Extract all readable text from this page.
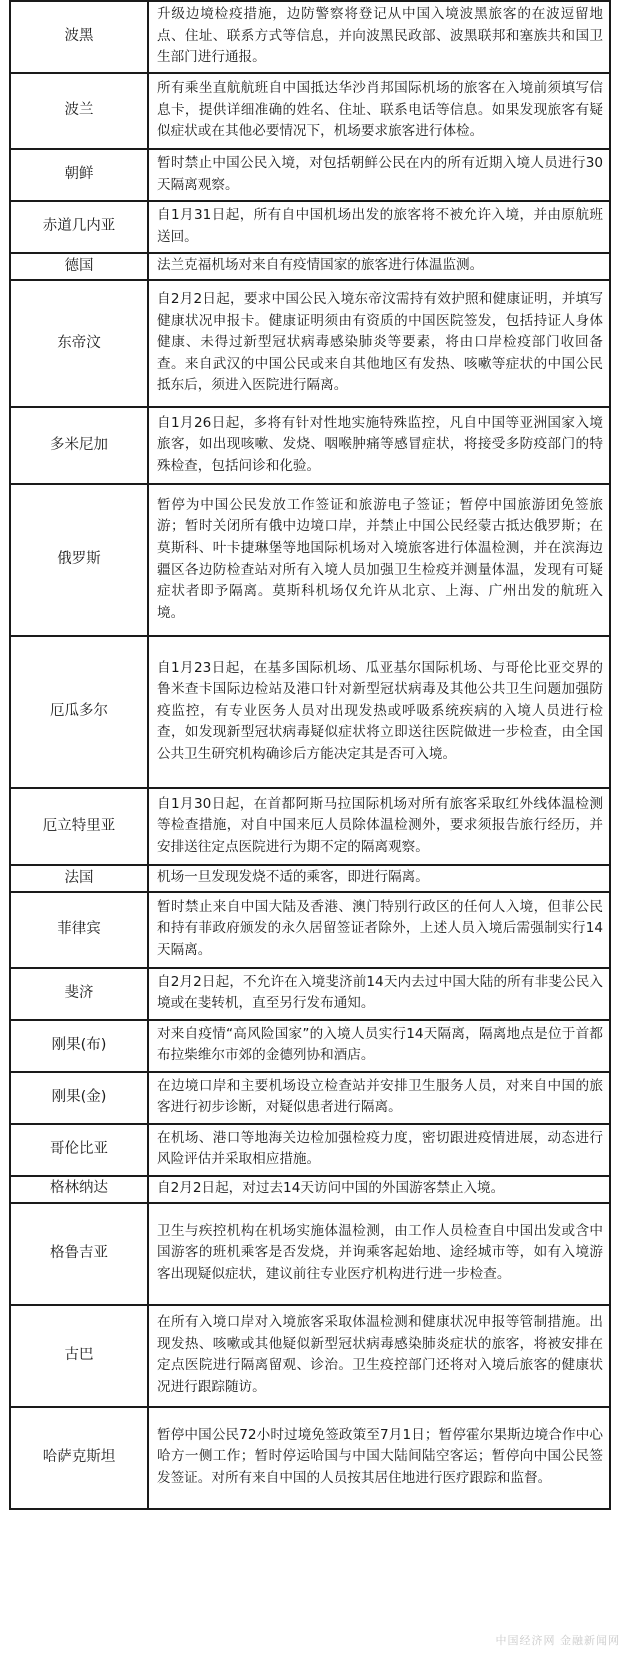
波黑	升级边境检疫措施，边防警察将登记从中国入境波黑旅客的在波逗留地点、住址、联系方式等信息，并向波黑民政部、波黑联邦和塞族共和国卫生部门进行通报。
波兰	所有乘坐直航航班自中国抵达华沙肖邦国际机场的旅客在入境前须填写信息卡，提供详细准确的姓名、住址、联系电话等信息。如果发现旅客有疑似症状或在其他必要情况下，机场要求旅客进行体检。
朝鲜	暂时禁止中国公民入境，对包括朝鲜公民在内的所有近期入境人员进行30天隔离观察。
赤道几内亚	自1月31日起，所有自中国机场出发的旅客将不被允许入境，并由原航班送回。
德国	法兰克福机场对来自有疫情国家的旅客进行体温监测。
东帝汶	自2月2日起，要求中国公民入境东帝汶需持有效护照和健康证明，并填写健康状况申报卡。健康证明须由有资质的中国医院签发，包括持证人身体健康、未得过新型冠状病毒感染肺炎等要素，将由口岸检疫部门收回备查。来自武汉的中国公民或来自其他地区有发热、咳嗽等症状的中国公民抵东后，须进入医院进行隔离。
多米尼加	自1月26日起，多将有针对性地实施特殊监控，凡自中国等亚洲国家入境旅客，如出现咳嗽、发烧、咽喉肿痛等感冒症状，将接受多防疫部门的特殊检查，包括问诊和化验。
俄罗斯	暂停为中国公民发放工作签证和旅游电子签证；暂停中国旅游团免签旅游；暂时关闭所有俄中边境口岸，并禁止中国公民经蒙古抵达俄罗斯；在莫斯科、叶卡捷琳堡等地国际机场对入境旅客进行体温检测，并在滨海边疆区各边防检查站对所有入境人员加强卫生检疫并测量体温，发现有可疑症状者即予隔离。莫斯科机场仅允许从北京、上海、广州出发的航班入境。
厄瓜多尔	自1月23日起，在基多国际机场、瓜亚基尔国际机场、与哥伦比亚交界的鲁米查卡国际边检站及港口针对新型冠状病毒及其他公共卫生问题加强防疫监控，有专业医务人员对出现发热或呼吸系统疾病的入境人员进行检查，如发现新型冠状病毒疑似症状将立即送往医院做进一步检查，由全国公共卫生研究机构确诊后方能决定其是否可入境。
厄立特里亚	自1月30日起，在首都阿斯马拉国际机场对所有旅客采取红外线体温检测等检查措施，对自中国来厄人员除体温检测外，要求须报告旅行经历，并安排送往定点医院进行为期不定的隔离观察。
法国	机场一旦发现发烧不适的乘客，即进行隔离。
菲律宾	暂时禁止来自中国大陆及香港、澳门特别行政区的任何人入境，但菲公民和持有菲政府颁发的永久居留签证者除外，上述人员入境后需强制实行14天隔离。
斐济	自2月2日起，不允许在入境斐济前14天内去过中国大陆的所有非斐公民入境或在斐转机，直至另行发布通知。
刚果(布)	对来自疫情“高风险国家”的入境人员实行14天隔离，隔离地点是位于首都布拉柴维尔市郊的金德列协和酒店。
刚果(金)	在边境口岸和主要机场设立检查站并安排卫生服务人员，对来自中国的旅客进行初步诊断，对疑似患者进行隔离。
哥伦比亚	在机场、港口等地海关边检加强检疫力度，密切跟进疫情进展，动态进行风险评估并采取相应措施。
格林纳达	自2月2日起，对过去14天访问中国的外国游客禁止入境。
格鲁吉亚	卫生与疾控机构在机场实施体温检测，由工作人员检查自中国出发或含中国游客的班机乘客是否发烧，并询乘客起始地、途经城市等，如有入境游客出现疑似症状，建议前往专业医疗机构进行进一步检查。
古巴	在所有入境口岸对入境旅客采取体温检测和健康状况申报等管制措施。出现发热、咳嗽或其他疑似新型冠状病毒感染肺炎症状的旅客，将被安排在定点医院进行隔离留观、诊治。卫生疫控部门还将对入境后旅客的健康状况进行跟踪随访。
哈萨克斯坦	暂停中国公民72小时过境免签政策至7月1日；暂停霍尔果斯边境合作中心哈方一侧工作；暂时停运哈国与中国大陆间陆空客运；暂停向中国公民签发签证。对所有来自中国的人员按其居住地进行医疗跟踪和监督。
中国经济网 金融新闻网
